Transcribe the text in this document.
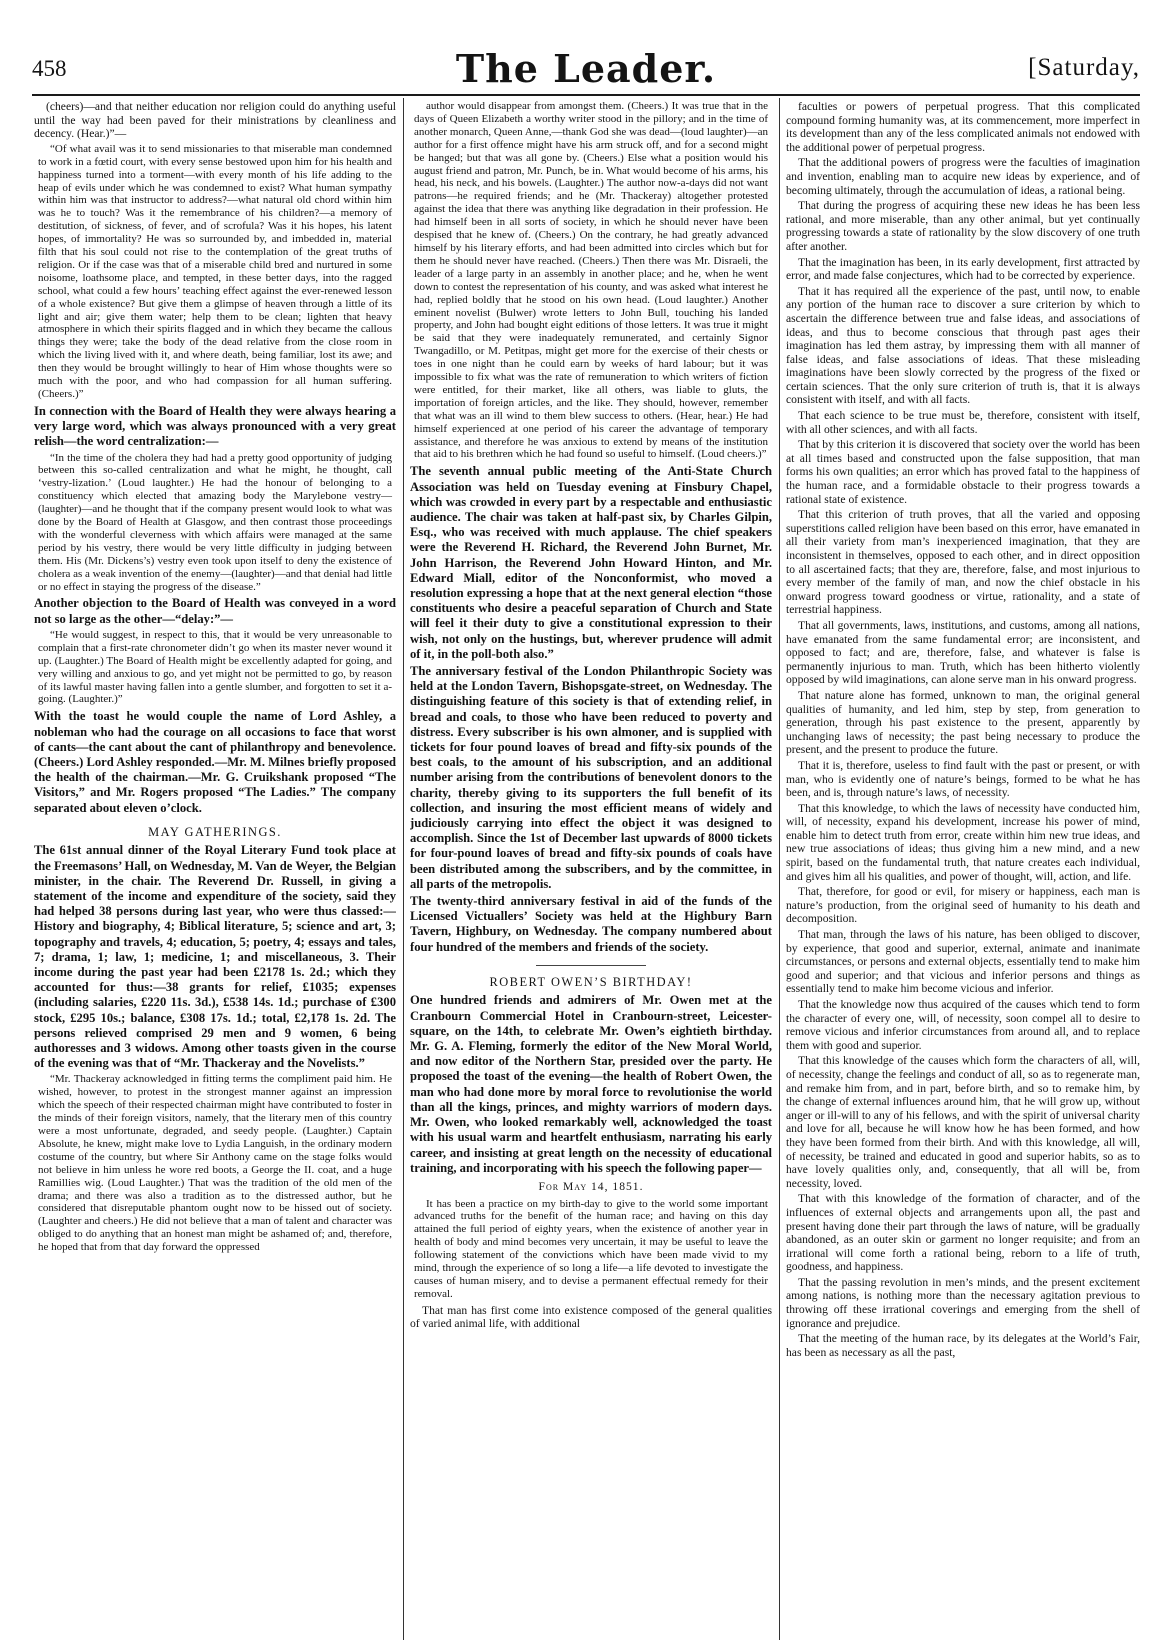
458	The Leader.	[Saturday,

(cheers)—and that neither education nor religion could do anything useful until the way had been paved for their ministrations by cleanliness and decency. (Hear.)”—

“Of what avail was it to send missionaries to that miserable man condemned to work in a fœtid court, with every sense bestowed upon him for his health and happiness turned into a torment—with every month of his life adding to the heap of evils under which he was condemned to exist? What human sympathy within him was that instructor to address?—what natural old chord within him was he to touch? Was it the remembrance of his children?—a memory of destitution, of sickness, of fever, and of scrofula? Was it his hopes, his latent hopes, of immortality? He was so surrounded by, and imbedded in, material filth that his soul could not rise to the contemplation of the great truths of religion. Or if the case was that of a miserable child bred and nurtured in some noisome, loathsome place, and tempted, in these better days, into the ragged school, what could a few hours’ teaching effect against the ever-renewed lesson of a whole existence? But give them a glimpse of heaven through a little of its light and air; give them water; help them to be clean; lighten that heavy atmosphere in which their spirits flagged and in which they became the callous things they were; take the body of the dead relative from the close room in which the living lived with it, and where death, being familiar, lost its awe; and then they would be brought willingly to hear of Him whose thoughts were so much with the poor, and who had compassion for all human suffering. (Cheers.)”

In connection with the Board of Health they were always hearing a very large word, which was always pronounced with a very great relish—the word centralization:—

“In the time of the cholera they had had a pretty good opportunity of judging between this so-called centralization and what he might, he thought, call ‘vestry-lization.’ (Loud laughter.) He had the honour of belonging to a constituency which elected that amazing body the Marylebone vestry—(laughter)—and he thought that if the company present would look to what was done by the Board of Health at Glasgow, and then contrast those proceedings with the wonderful cleverness with which affairs were managed at the same period by his vestry, there would be very little difficulty in judging between them. His (Mr. Dickens’s) vestry even took upon itself to deny the existence of cholera as a weak invention of the enemy—(laughter)—and that denial had little or no effect in staying the progress of the disease.”

Another objection to the Board of Health was conveyed in a word not so large as the other—“delay:”—

“He would suggest, in respect to this, that it would be very unreasonable to complain that a first-rate chronometer didn’t go when its master never wound it up. (Laughter.) The Board of Health might be excellently adapted for going, and very willing and anxious to go, and yet might not be permitted to go, by reason of its lawful master having fallen into a gentle slumber, and forgotten to set it a-going. (Laughter.)”

With the toast he would couple the name of Lord Ashley, a nobleman who had the courage on all occasions to face that worst of cants—the cant about the cant of philanthropy and benevolence. (Cheers.) Lord Ashley responded.—Mr. M. Milnes briefly proposed the health of the chairman.—Mr. G. Cruikshank proposed “The Visitors,” and Mr. Rogers proposed “The Ladies.” The company separated about eleven o’clock.

MAY GATHERINGS.

The 61st annual dinner of the Royal Literary Fund took place at the Freemasons’ Hall, on Wednesday, M. Van de Weyer, the Belgian minister, in the chair. The Reverend Dr. Russell, in giving a statement of the income and expenditure of the society, said they had helped 38 persons during last year, who were thus classed:—History and biography, 4; Biblical literature, 5; science and art, 3; topography and travels, 4; education, 5; poetry, 4; essays and tales, 7; drama, 1; law, 1; medicine, 1; and miscellaneous, 3. Their income during the past year had been £2178 1s. 2d.; which they accounted for thus:—38 grants for relief, £1035; expenses (including salaries, £220 11s. 3d.), £538 14s. 1d.; purchase of £300 stock, £295 10s.; balance, £308 17s. 1d.; total, £2,178 1s. 2d. The persons relieved comprised 29 men and 9 women, 6 being authoresses and 3 widows. Among other toasts given in the course of the evening was that of “Mr. Thackeray and the Novelists.”

“Mr. Thackeray acknowledged in fitting terms the compliment paid him. He wished, however, to protest in the strongest manner against an impression which the speech of their respected chairman might have contributed to foster in the minds of their foreign visitors, namely, that the literary men of this country were a most unfortunate, degraded, and seedy people. (Laughter.) Captain Absolute, he knew, might make love to Lydia Languish, in the ordinary modern costume of the country, but where Sir Anthony came on the stage folks would not believe in him unless he wore red boots, a George the II. coat, and a huge Ramillies wig. (Loud Laughter.) That was the tradition of the old men of the drama; and there was also a tradition as to the distressed author, but he considered that disreputable phantom ought now to be hissed out of society. (Laughter and cheers.) He did not believe that a man of talent and character was obliged to do anything that an honest man might be ashamed of; and, therefore, he hoped that from that day forward the oppressed

author would disappear from amongst them. (Cheers.) It was true that in the days of Queen Elizabeth a worthy writer stood in the pillory; and in the time of another monarch, Queen Anne,—thank God she was dead—(loud laughter)—an author for a first offence might have his arm struck off, and for a second might be hanged; but that was all gone by. (Cheers.) Else what a position would his august friend and patron, Mr. Punch, be in. What would become of his arms, his head, his neck, and his bowels. (Laughter.) The author now-a-days did not want patrons—he required friends; and he (Mr. Thackeray) altogether protested against the idea that there was anything like degradation in their profession. He had himself been in all sorts of society, in which he should never have been despised that he knew of. (Cheers.) On the contrary, he had greatly advanced himself by his literary efforts, and had been admitted into circles which but for them he should never have reached. (Cheers.) Then there was Mr. Disraeli, the leader of a large party in an assembly in another place; and he, when he went down to contest the representation of his county, and was asked what interest he had, replied boldly that he stood on his own head. (Loud laughter.) Another eminent novelist (Bulwer) wrote letters to John Bull, touching his landed property, and John had bought eight editions of those letters. It was true it might be said that they were inadequately remunerated, and certainly Signor Twangadillo, or M. Petitpas, might get more for the exercise of their chests or toes in one night than he could earn by weeks of hard labour; but it was impossible to fix what was the rate of remuneration to which writers of fiction were entitled, for their market, like all others, was liable to gluts, the importation of foreign articles, and the like. They should, however, remember that what was an ill wind to them blew success to others. (Hear, hear.) He had himself experienced at one period of his career the advantage of temporary assistance, and therefore he was anxious to extend by means of the institution that aid to his brethren which he had found so useful to himself. (Loud cheers.)”

The seventh annual public meeting of the Anti-State Church Association was held on Tuesday evening at Finsbury Chapel, which was crowded in every part by a respectable and enthusiastic audience. The chair was taken at half-past six, by Charles Gilpin, Esq., who was received with much applause. The chief speakers were the Reverend H. Richard, the Reverend John Burnet, Mr. John Harrison, the Reverend John Howard Hinton, and Mr. Edward Miall, editor of the Nonconformist, who moved a resolution expressing a hope that at the next general election “those constituents who desire a peaceful separation of Church and State will feel it their duty to give a constitutional expression to their wish, not only on the hustings, but, wherever prudence will admit of it, in the poll-both also.”

The anniversary festival of the London Philanthropic Society was held at the London Tavern, Bishopsgate-street, on Wednesday. The distinguishing feature of this society is that of extending relief, in bread and coals, to those who have been reduced to poverty and distress. Every subscriber is his own almoner, and is supplied with tickets for four pound loaves of bread and fifty-six pounds of the best coals, to the amount of his subscription, and an additional number arising from the contributions of benevolent donors to the charity, thereby giving to its supporters the full benefit of its collection, and insuring the most efficient means of widely and judiciously carrying into effect the object it was designed to accomplish. Since the 1st of December last upwards of 8000 tickets for four-pound loaves of bread and fifty-six pounds of coals have been distributed among the subscribers, and by the committee, in all parts of the metropolis.

The twenty-third anniversary festival in aid of the funds of the Licensed Victuallers’ Society was held at the Highbury Barn Tavern, Highbury, on Wednesday. The company numbered about four hundred of the members and friends of the society.

ROBERT OWEN’S BIRTHDAY!

One hundred friends and admirers of Mr. Owen met at the Cranbourn Commercial Hotel in Cranbourn-street, Leicester-square, on the 14th, to celebrate Mr. Owen’s eightieth birthday. Mr. G. A. Fleming, formerly the editor of the New Moral World, and now editor of the Northern Star, presided over the party. He proposed the toast of the evening—the health of Robert Owen, the man who had done more by moral force to revolutionise the world than all the kings, princes, and mighty warriors of modern days. Mr. Owen, who looked remarkably well, acknowledged the toast with his usual warm and heartfelt enthusiasm, narrating his early career, and insisting at great length on the necessity of educational training, and incorporating with his speech the following paper—

For May 14, 1851.

It has been a practice on my birth-day to give to the world some important advanced truths for the benefit of the human race; and having on this day attained the full period of eighty years, when the existence of another year in health of body and mind becomes very uncertain, it may be useful to leave the following statement of the convictions which have been made vivid to my mind, through the experience of so long a life—a life devoted to investigate the causes of human misery, and to devise a permanent effectual remedy for their removal.

That man has first come into existence composed of the general qualities of varied animal life, with additional

faculties or powers of perpetual progress. That this complicated compound forming humanity was, at its commencement, more imperfect in its development than any of the less complicated animals not endowed with the additional power of perpetual progress.

That the additional powers of progress were the faculties of imagination and invention, enabling man to acquire new ideas by experience, and of becoming ultimately, through the accumulation of ideas, a rational being.

That during the progress of acquiring these new ideas he has been less rational, and more miserable, than any other animal, but yet continually progressing towards a state of rationality by the slow discovery of one truth after another.

That the imagination has been, in its early development, first attracted by error, and made false conjectures, which had to be corrected by experience.

That it has required all the experience of the past, until now, to enable any portion of the human race to discover a sure criterion by which to ascertain the difference between true and false ideas, and associations of ideas, and thus to become conscious that through past ages their imagination has led them astray, by impressing them with all manner of false ideas, and false associations of ideas. That these misleading imaginations have been slowly corrected by the progress of the fixed or certain sciences. That the only sure criterion of truth is, that it is always consistent with itself, and with all facts.

That each science to be true must be, therefore, consistent with itself, with all other sciences, and with all facts.

That by this criterion it is discovered that society over the world has been at all times based and constructed upon the false supposition, that man forms his own qualities; an error which has proved fatal to the happiness of the human race, and a formidable obstacle to their progress towards a rational state of existence.

That this criterion of truth proves, that all the varied and opposing superstitions called religion have been based on this error, have emanated in all their variety from man’s inexperienced imagination, that they are inconsistent in themselves, opposed to each other, and in direct opposition to all ascertained facts; that they are, therefore, false, and most injurious to every member of the family of man, and now the chief obstacle in his onward progress toward goodness or virtue, rationality, and a state of terrestrial happiness.

That all governments, laws, institutions, and customs, among all nations, have emanated from the same fundamental error; are inconsistent, and opposed to fact; and are, therefore, false, and whatever is false is permanently injurious to man. Truth, which has been hitherto violently opposed by wild imaginations, can alone serve man in his onward progress.

That nature alone has formed, unknown to man, the original general qualities of humanity, and led him, step by step, from generation to generation, through his past existence to the present, apparently by unchanging laws of necessity; the past being necessary to produce the present, and the present to produce the future.

That it is, therefore, useless to find fault with the past or present, or with man, who is evidently one of nature’s beings, formed to be what he has been, and is, through nature’s laws, of necessity.

That this knowledge, to which the laws of necessity have conducted him, will, of necessity, expand his development, increase his power of mind, enable him to detect truth from error, create within him new true ideas, and new true associations of ideas; thus giving him a new mind, and a new spirit, based on the fundamental truth, that nature creates each individual, and gives him all his qualities, and power of thought, will, action, and life.

That, therefore, for good or evil, for misery or happiness, each man is nature’s production, from the original seed of humanity to his death and decomposition.

That man, through the laws of his nature, has been obliged to discover, by experience, that good and superior, external, animate and inanimate circumstances, or persons and external objects, essentially tend to make him good and superior; and that vicious and inferior persons and things as essentially tend to make him become vicious and inferior.

That the knowledge now thus acquired of the causes which tend to form the character of every one, will, of necessity, soon compel all to desire to remove vicious and inferior circumstances from around all, and to replace them with good and superior.

That this knowledge of the causes which form the characters of all, will, of necessity, change the feelings and conduct of all, so as to regenerate man, and remake him from, and in part, before birth, and so to remake him, by the change of external influences around him, that he will grow up, without anger or ill-will to any of his fellows, and with the spirit of universal charity and love for all, because he will know how he has been formed, and how they have been formed from their birth. And with this knowledge, all will, of necessity, be trained and educated in good and superior habits, so as to have lovely qualities only, and, consequently, that all will be, from necessity, loved.

That with this knowledge of the formation of character, and of the influences of external objects and arrangements upon all, the past and present having done their part through the laws of nature, will be gradually abandoned, as an outer skin or garment no longer requisite; and from an irrational will come forth a rational being, reborn to a life of truth, goodness, and happiness.

That the passing revolution in men’s minds, and the present excitement among nations, is nothing more than the necessary agitation previous to throwing off these irrational coverings and emerging from the shell of ignorance and prejudice.

That the meeting of the human race, by its delegates at the World’s Fair, has been as necessary as all the past,
